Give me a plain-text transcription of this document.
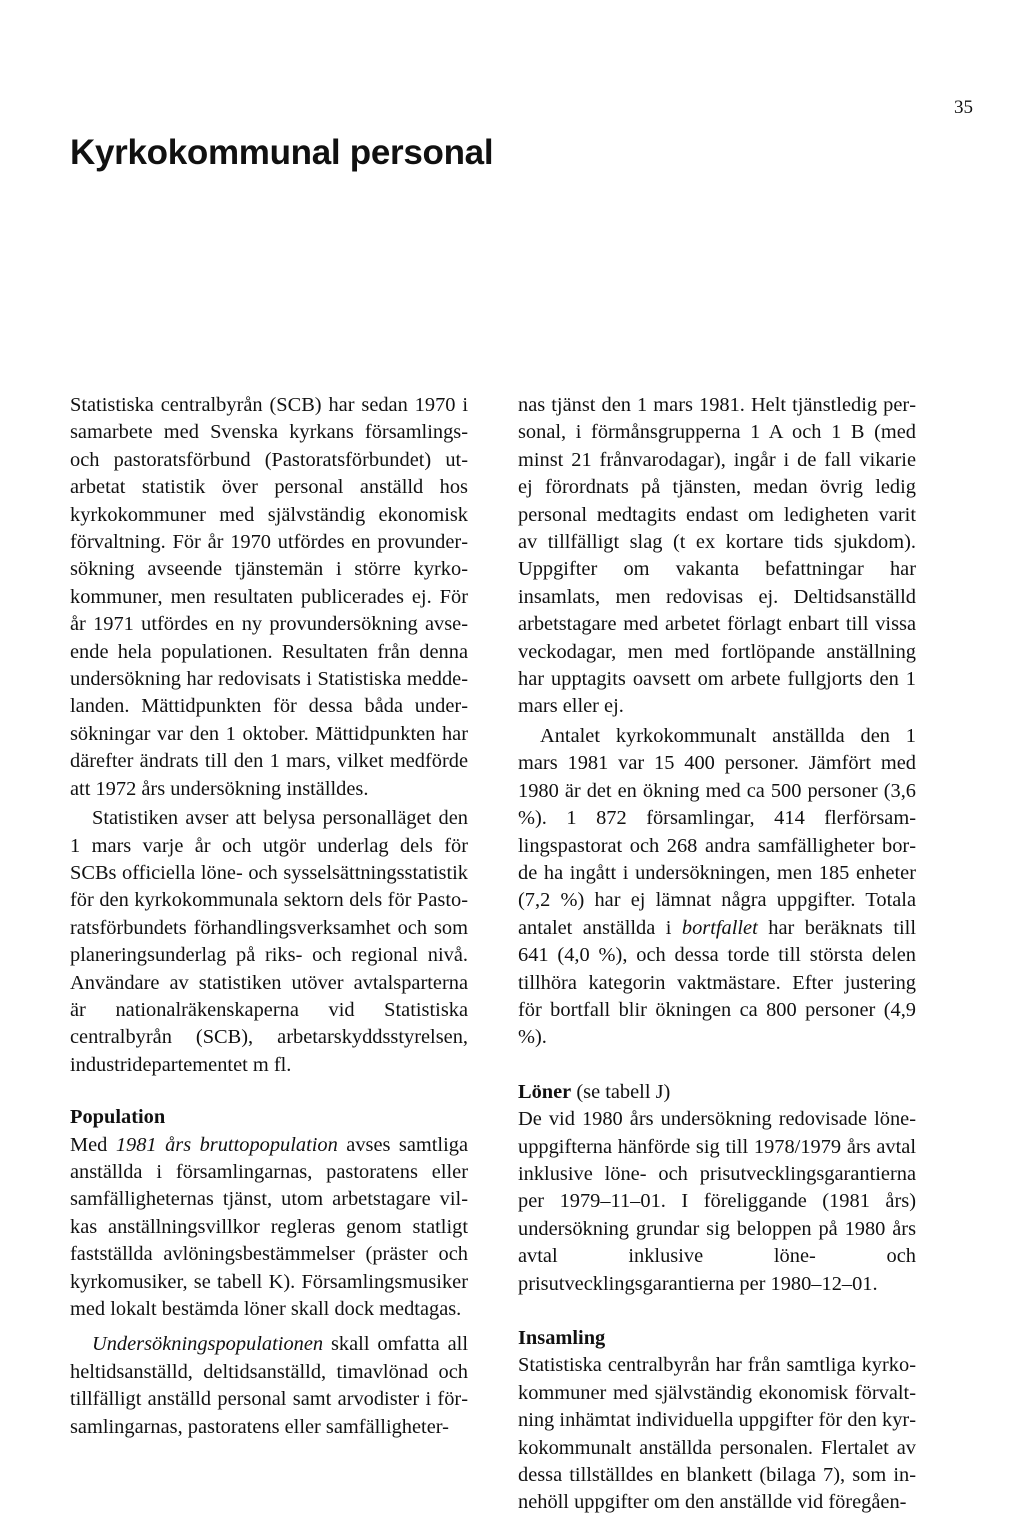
35
Kyrkokommunal personal

Statistiska centralbyrån (SCB) har sedan 1970 i samarbete med Svenska kyrkans församlings- och pastoratsförbund (Pastoratsförbundet) utarbetat statistik över personal anställd hos kyrkokommuner med självständig ekonomisk förvaltning. För år 1970 utfördes en provundersökning avseende tjänstemän i större kyrkokommuner, men resultaten publicerades ej. För år 1971 utfördes en ny provundersökning avseende hela populationen. Resultaten från denna undersökning har redovisats i Statistiska meddelanden. Mättidpunkten för dessa båda undersökningar var den 1 oktober. Mättidpunkten har därefter ändrats till den 1 mars, vilket medförde att 1972 års undersökning inställdes.

Statistiken avser att belysa personalläget den 1 mars varje år och utgör underlag dels för SCBs officiella löne- och sysselsättningsstatistik för den kyrkokommunala sektorn dels för Pastoratsförbundets förhandlingsverksamhet och som planeringsunderlag på riks- och regional nivå. Användare av statistiken utöver avtalsparterna är nationalräkenskaperna vid Statistiska centralbyrån (SCB), arbetarskyddsstyrelsen, industridepartementet m fl.

Population

Med 1981 års bruttopopulation avses samtliga anställda i församlingarnas, pastoratens eller samfälligheternas tjänst, utom arbetstagare vilkas anställningsvillkor regleras genom statligt fastställda avlöningsbestämmelser (präster och kyrkomusiker, se tabell K). Församlingsmusiker med lokalt bestämda löner skall dock medtagas.

Undersökningspopulationen skall omfatta all heltidsanställd, deltidsanställd, timavlönad och tillfälligt anställd personal samt arvodister i församlingarnas, pastoratens eller samfälligheter-

nas tjänst den 1 mars 1981. Helt tjänstledig personal, i förmånsgrupperna 1 A och 1 B (med minst 21 frånvarodagar), ingår i de fall vikarie ej förordnats på tjänsten, medan övrig ledig personal medtagits endast om ledigheten varit av tillfälligt slag (t ex kortare tids sjukdom). Uppgifter om vakanta befattningar har insamlats, men redovisas ej. Deltidsanställd arbetstagare med arbetet förlagt enbart till vissa veckodagar, men med fortlöpande anställning har upptagits oavsett om arbete fullgjorts den 1 mars eller ej.

Antalet kyrkokommunalt anställda den 1 mars 1981 var 15 400 personer. Jämfört med 1980 är det en ökning med ca 500 personer (3,6 %). 1 872 församlingar, 414 flerförsamlingspastorat och 268 andra samfälligheter borde ha ingått i undersökningen, men 185 enheter (7,2 %) har ej lämnat några uppgifter. Totala antalet anställda i bortfallet har beräknats till 641 (4,0 %), och dessa torde till största delen tillhöra kategorin vaktmästare. Efter justering för bortfall blir ökningen ca 800 personer (4,9 %).

Löner (se tabell J)

De vid 1980 års undersökning redovisade löneuppgifterna hänförde sig till 1978/1979 års avtal inklusive löne- och prisutvecklingsgarantierna per 1979–11–01. I föreliggande (1981 års) undersökning grundar sig beloppen på 1980 års avtal inklusive löne- och prisutvecklingsgarantierna per 1980–12–01.

Insamling

Statistiska centralbyrån har från samtliga kyrkokommuner med självständig ekonomisk förvaltning inhämtat individuella uppgifter för den kyrkokommunalt anställda personalen. Flertalet av dessa tillställdes en blankett (bilaga 7), som innehöll uppgifter om den anställde vid föregåen-
